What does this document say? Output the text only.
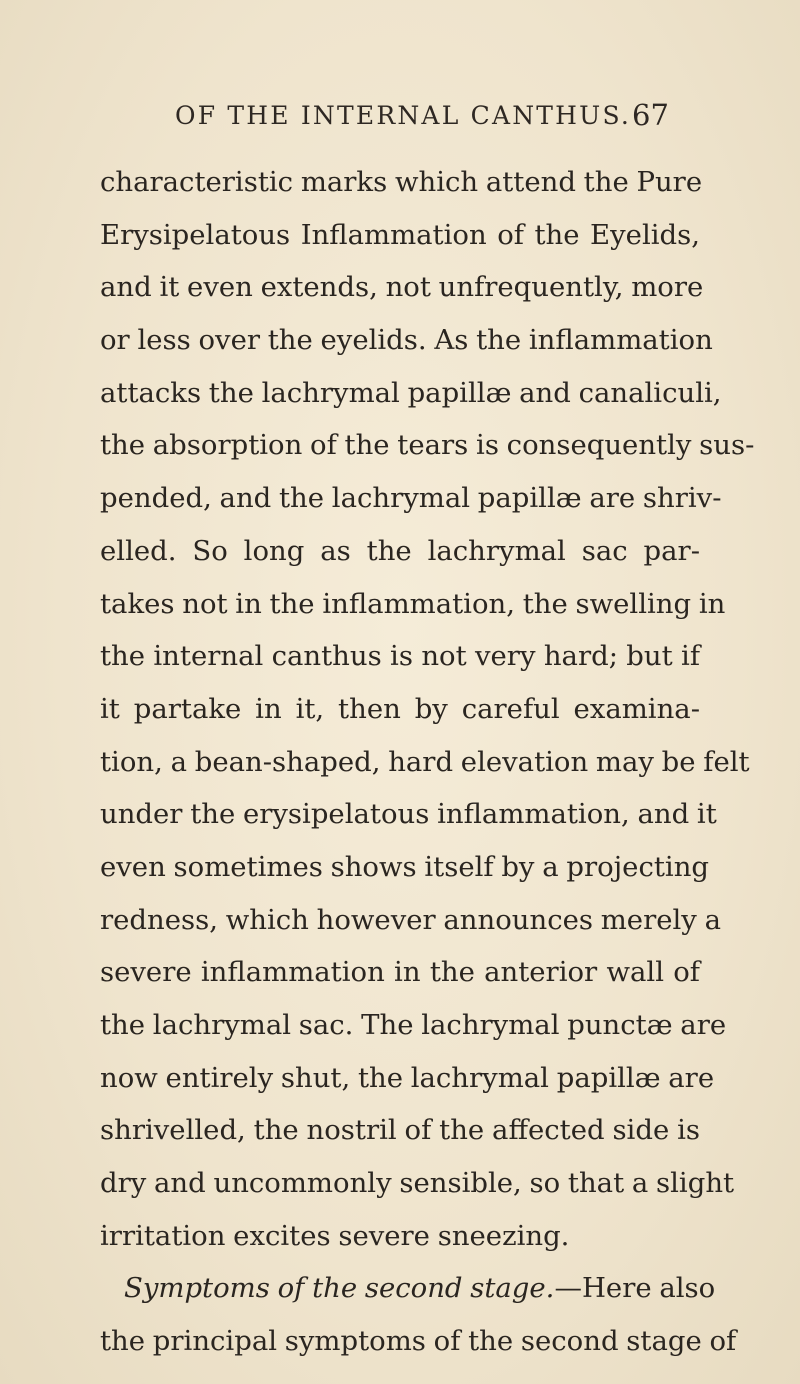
OF THE INTERNAL CANTHUS. 67
characteristic marks which attend the Pure
Erysipelatous Inflammation of the Eyelids,
and it even extends, not unfrequently, more
or less over the eyelids. As the inflammation
attacks the lachrymal papillæ and canaliculi,
the absorption of the tears is consequently sus-
pended, and the lachrymal papillæ are shriv-
elled. So long as the lachrymal sac par-
takes not in the inflammation, the swelling in
the internal canthus is not very hard; but if
it partake in it, then by careful examina-
tion, a bean-shaped, hard elevation may be felt
under the erysipelatous inflammation, and it
even sometimes shows itself by a projecting
redness, which however announces merely a
severe inflammation in the anterior wall of
the lachrymal sac. The lachrymal punctæ are
now entirely shut, the lachrymal papillæ are
shrivelled, the nostril of the affected side is
dry and uncommonly sensible, so that a slight
irritation excites severe sneezing.
Symptoms of the second stage.—Here also
the principal symptoms of the second stage of
